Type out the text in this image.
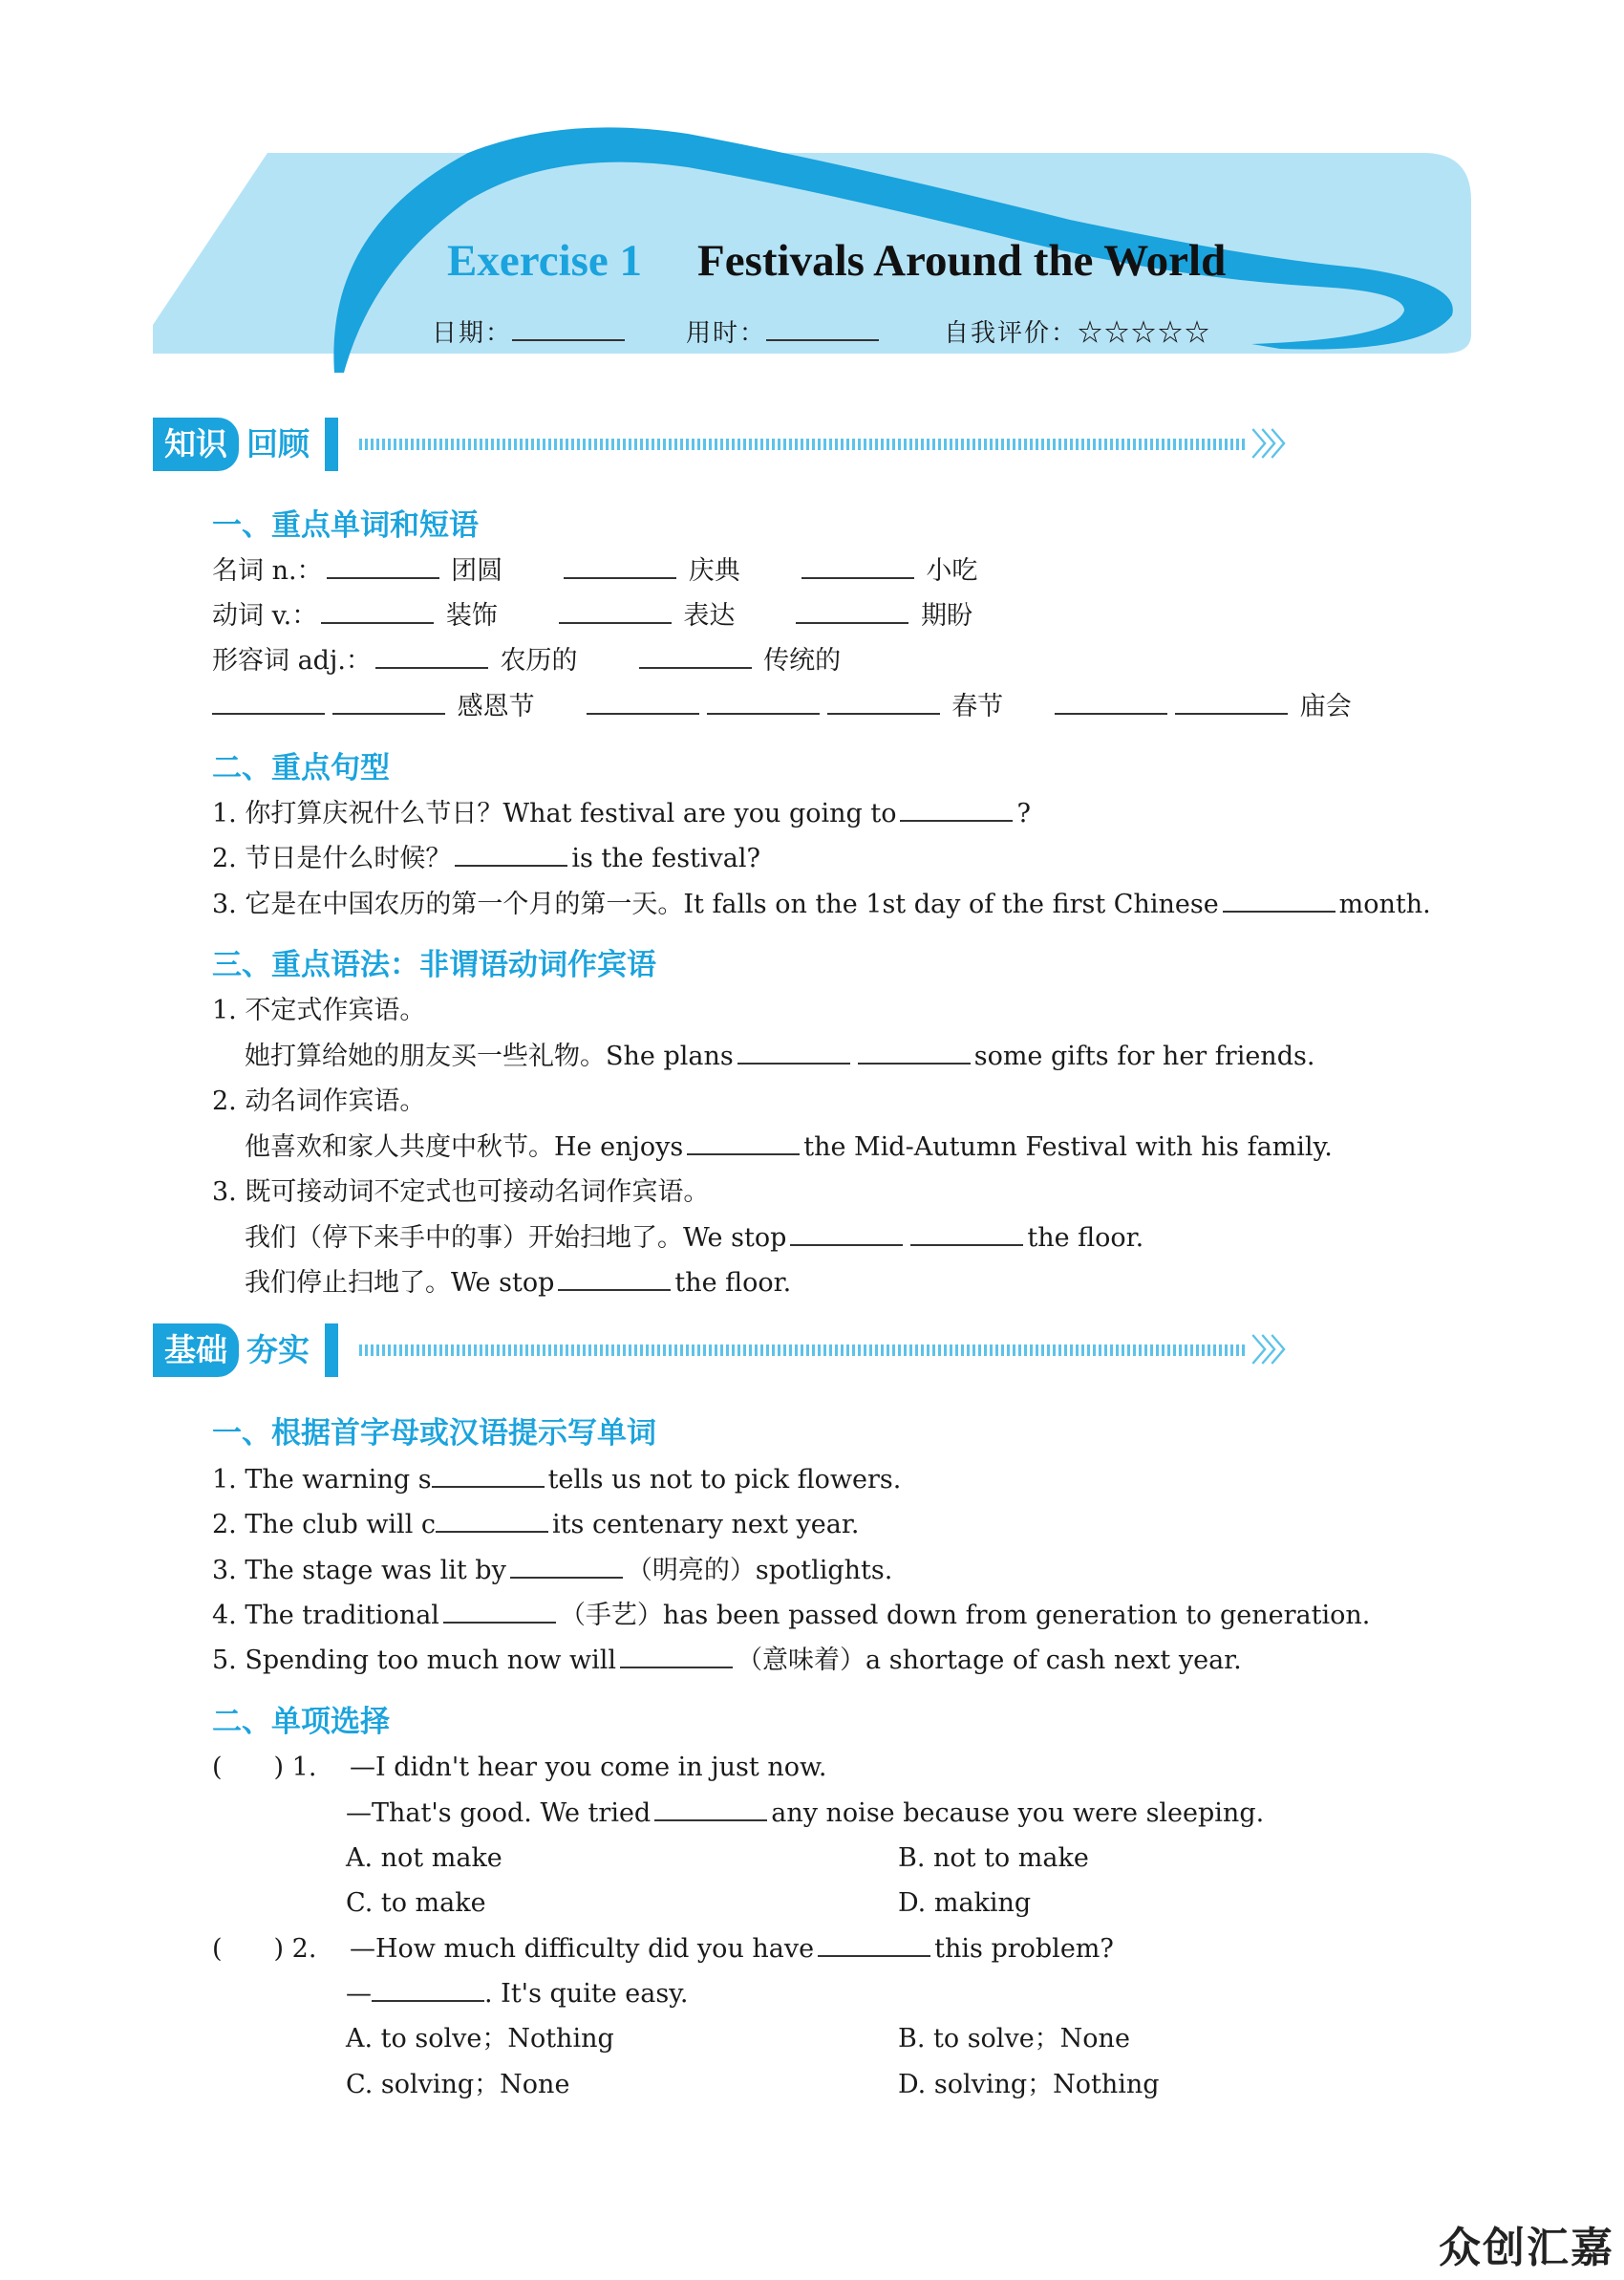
Exercise 1 Festivals Around the World
日期：	用时：	自我评价：☆☆☆☆☆
知识 回顾	〉〉〉
一、重点单词和短语
名词 n.：	团圆	庆典	小吃
动词 v.：	装饰	表达	期盼
形容词 adj.：	农历的	传统的
感恩节	春节	庙会
二、重点句型
1. 你打算庆祝什么节日？What festival are you going to	?
2. 节日是什么时候？	is the festival?
3. 它是在中国农历的第一个月的第一天。It falls on the 1st day of the first Chinese	month.
三、重点语法：非谓语动词作宾语
1. 不定式作宾语。
她打算给她的朋友买一些礼物。She plans	some gifts for her friends.
2. 动名词作宾语。
他喜欢和家人共度中秋节。He enjoys	the Mid-Autumn Festival with his family.
3. 既可接动词不定式也可接动名词作宾语。
我们（停下来手中的事）开始扫地了。We stop	the floor.
我们停止扫地了。We stop	the floor.
基础 夯实	〉〉〉
一、根据首字母或汉语提示写单词
1. The warning s	tells us not to pick flowers.
2. The club will c	its centenary next year.
3. The stage was lit by	（明亮的）spotlights.
4. The traditional	（手艺）has been passed down from generation to generation.
5. Spending too much now will	（意味着）a shortage of cash next year.
二、单项选择
(　　) 1. —I didn't hear you come in just now.
—That's good. We tried	any noise because you were sleeping.
A. not make	B. not to make
C. to make	D. making
(　　) 2. —How much difficulty did you have	this problem?
—	. It's quite easy.
A. to solve；Nothing	B. to solve；None
C. solving；None	D. solving；Nothing
众创汇嘉
